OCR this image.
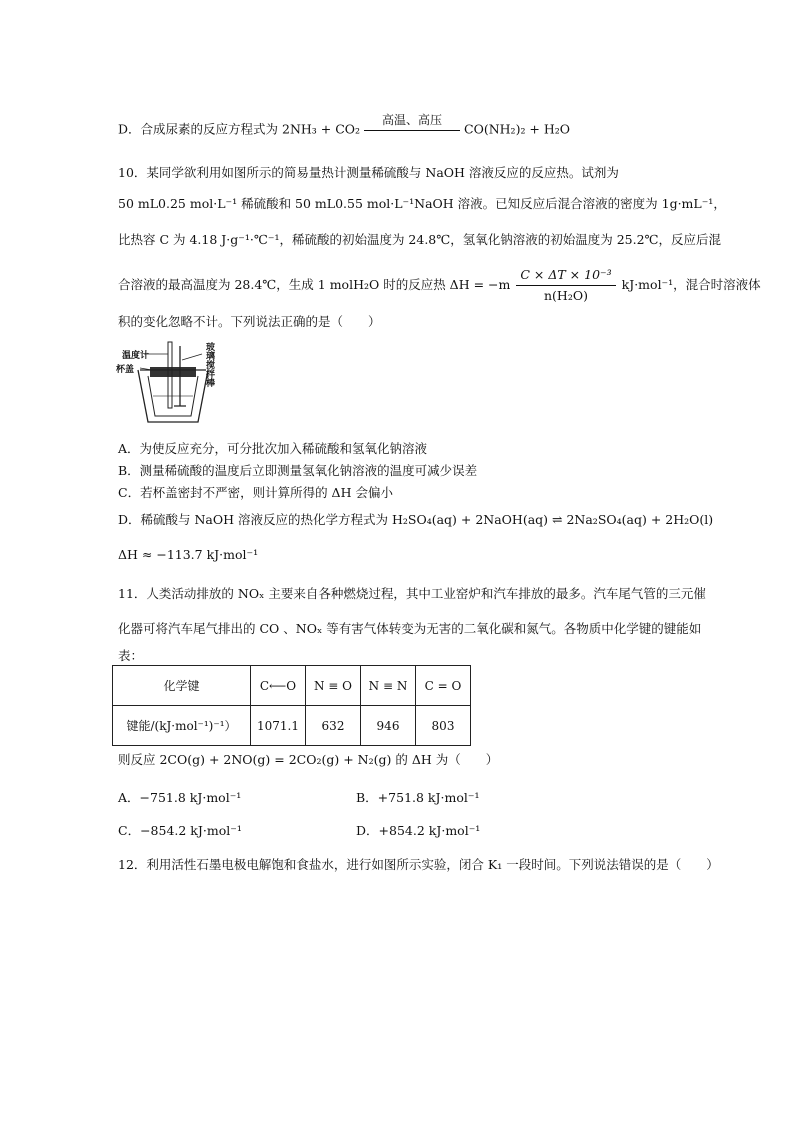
D．合成尿素的反应方程式为 2NH₃ + CO₂ 高温、高压
CO(NH₂)₂ + H₂O
10．某同学欲利用如图所示的简易量热计测量稀硫酸与 NaOH 溶液反应的反应热。试剂为
50 mL0.25 mol·L⁻¹ 稀硫酸和 50 mL0.55 mol·L⁻¹NaOH 溶液。已知反应后混合溶液的密度为 1g·mL⁻¹，
比热容 C 为 4.18 J·g⁻¹·℃⁻¹，稀硫酸的初始温度为 24.8℃，氢氧化钠溶液的初始温度为 25.2℃，反应后混
合溶液的最高温度为 28.4℃，生成 1 molH₂O 时的反应热 $\Delta H = -m \frac{\text{C × ΔT × 10⁻³}}{\text{n(H₂O)}} kJ\cdot mol^{-1}$，混合时溶液体
积的变化忽略不计。下列说法正确的是（　　）
温度计
杯盖	玻璃搅拌棒
A．为使反应充分，可分批次加入稀硫酸和氢氧化钠溶液
B．测量稀硫酸的温度后立即测量氢氧化钠溶液的温度可减少误差
C．若杯盖密封不严密，则计算所得的 ΔH 会偏小
D．稀硫酸与 NaOH 溶液反应的热化学方程式为 H₂SO₄(aq) + 2NaOH(aq) ⇌ 2Na₂SO₄(aq) + 2H₂O(l)
ΔH ≈ −113.7 kJ·mol⁻¹
11．人类活动排放的 NOₓ 主要来自各种燃烧过程，其中工业窑炉和汽车排放的最多。汽车尾气管的三元催
化器可将汽车尾气排出的 CO 、NOₓ 等有害气体转变为无害的二氧化碳和氮气。各物质中化学键的键能如
表：
化学键	C⟵O	N ≡ O	N ≡ N	C = O
键能/(kJ·mol⁻¹)⁻¹）	1071.1	632	946	803
则反应 2CO(g) + 2NO(g) = 2CO₂(g) + N₂(g) 的 ΔH 为（　　）
A．−751.8 kJ·mol⁻¹	B．+751.8 kJ·mol⁻¹
C．−854.2 kJ·mol⁻¹	D．+854.2 kJ·mol⁻¹
12．利用活性石墨电极电解饱和食盐水，进行如图所示实验，闭合 K₁ 一段时间。下列说法错误的是（　　）
